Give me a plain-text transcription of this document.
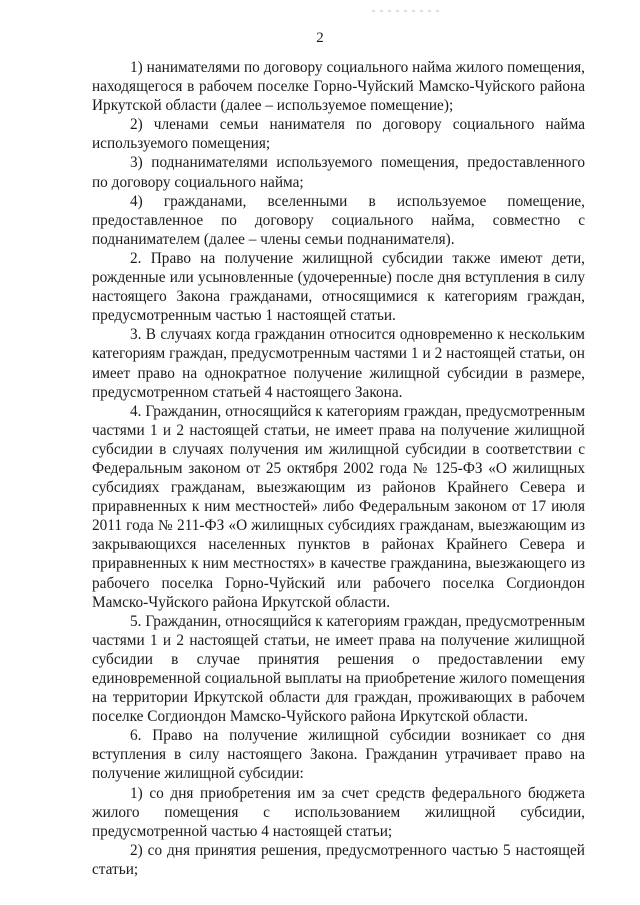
2

1) нанимателями по договору социального найма жилого помещения, находящегося в рабочем поселке Горно-Чуйский Мамско-Чуйского района Иркутской области (далее – используемое помещение);

2) членами семьи нанимателя по договору социального найма используемого помещения;

3) поднанимателями используемого помещения, предоставленного по договору социального найма;

4) гражданами, вселенными в используемое помещение, предоставленное по договору социального найма, совместно с поднанимателем (далее – члены семьи поднанимателя).

2. Право на получение жилищной субсидии также имеют дети, рожденные или усыновленные (удочеренные) после дня вступления в силу настоящего Закона гражданами, относящимися к категориям граждан, предусмотренным частью 1 настоящей статьи.

3. В случаях когда гражданин относится одновременно к нескольким категориям граждан, предусмотренным частями 1 и 2 настоящей статьи, он имеет право на однократное получение жилищной субсидии в размере, предусмотренном статьей 4 настоящего Закона.

4. Гражданин, относящийся к категориям граждан, предусмотренным частями 1 и 2 настоящей статьи, не имеет права на получение жилищной субсидии в случаях получения им жилищной субсидии в соответствии с Федеральным законом от 25 октября 2002 года № 125-ФЗ «О жилищных субсидиях гражданам, выезжающим из районов Крайнего Севера и приравненных к ним местностей» либо Федеральным законом от 17 июля 2011 года № 211-ФЗ «О жилищных субсидиях гражданам, выезжающим из закрывающихся населенных пунктов в районах Крайнего Севера и приравненных к ним местностях» в качестве гражданина, выезжающего из рабочего поселка Горно-Чуйский или рабочего поселка Согдиондон Мамско-Чуйского района Иркутской области.

5. Гражданин, относящийся к категориям граждан, предусмотренным частями 1 и 2 настоящей статьи, не имеет права на получение жилищной субсидии в случае принятия решения о предоставлении ему единовременной социальной выплаты на приобретение жилого помещения на территории Иркутской области для граждан, проживающих в рабочем поселке Согдиондон Мамско-Чуйского района Иркутской области.

6. Право на получение жилищной субсидии возникает со дня вступления в силу настоящего Закона. Гражданин утрачивает право на получение жилищной субсидии:

1) со дня приобретения им за счет средств федерального бюджета жилого помещения с использованием жилищной субсидии, предусмотренной частью 4 настоящей статьи;

2) со дня принятия решения, предусмотренного частью 5 настоящей статьи;
